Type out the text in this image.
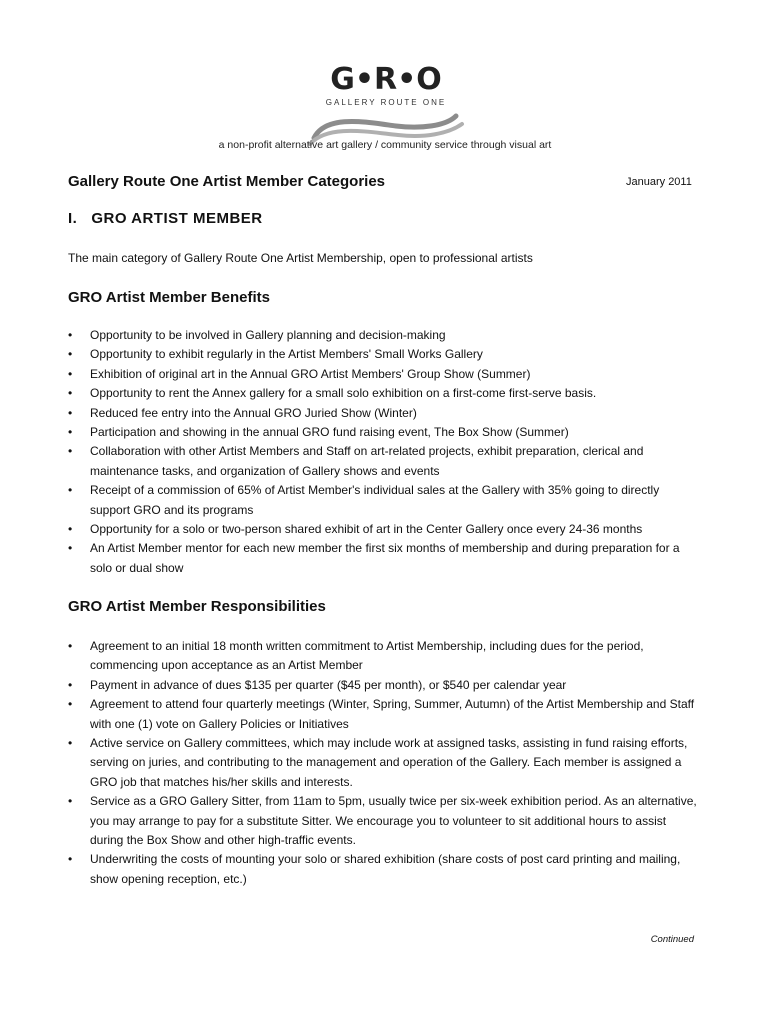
G•R•O
GALLERY ROUTE ONE
a non-profit alternative art gallery / community service through visual art
Gallery Route One Artist Member Categories	January 2011
I.   GRO ARTIST MEMBER
The main category of Gallery Route One Artist Membership, open to professional artists
GRO Artist Member Benefits
• Opportunity to be involved in Gallery planning and decision-making
• Opportunity to exhibit regularly in the Artist Members' Small Works Gallery
• Exhibition of original art in the Annual GRO Artist Members' Group Show (Summer)
• Opportunity to rent the Annex gallery for a small solo exhibition on a first-come first-serve basis.
• Reduced fee entry into the Annual GRO Juried Show (Winter)
• Participation and showing in the annual GRO fund raising event, The Box Show (Summer)
• Collaboration with other Artist Members and Staff on art-related projects, exhibit preparation, clerical and maintenance tasks, and organization of Gallery shows and events
• Receipt of a commission of 65% of Artist Member's individual sales at the Gallery with 35% going to directly support GRO and its programs
• Opportunity for a solo or two-person shared exhibit of art in the Center Gallery once every 24-36 months
• An Artist Member mentor for each new member the first six months of membership and during preparation for a solo or dual show
GRO Artist Member Responsibilities
• Agreement to an initial 18 month written commitment to Artist Membership, including dues for the period, commencing upon acceptance as an Artist Member
• Payment in advance of dues $135 per quarter ($45 per month), or $540 per calendar year
• Agreement to attend four quarterly meetings (Winter, Spring, Summer, Autumn) of the Artist Membership and Staff with one (1) vote on Gallery Policies or Initiatives
• Active service on Gallery committees, which may include work at assigned tasks, assisting in fund raising efforts, serving on juries, and contributing to the management and operation of the Gallery. Each member is assigned a GRO job that matches his/her skills and interests.
• Service as a GRO Gallery Sitter, from 11am to 5pm, usually twice per six-week exhibition period. As an alternative, you may arrange to pay for a substitute Sitter. We encourage you to volunteer to sit additional hours to assist during the Box Show and other high-traffic events.
• Underwriting the costs of mounting your solo or shared exhibition (share costs of post card printing and mailing, show opening reception, etc.)
Continued
